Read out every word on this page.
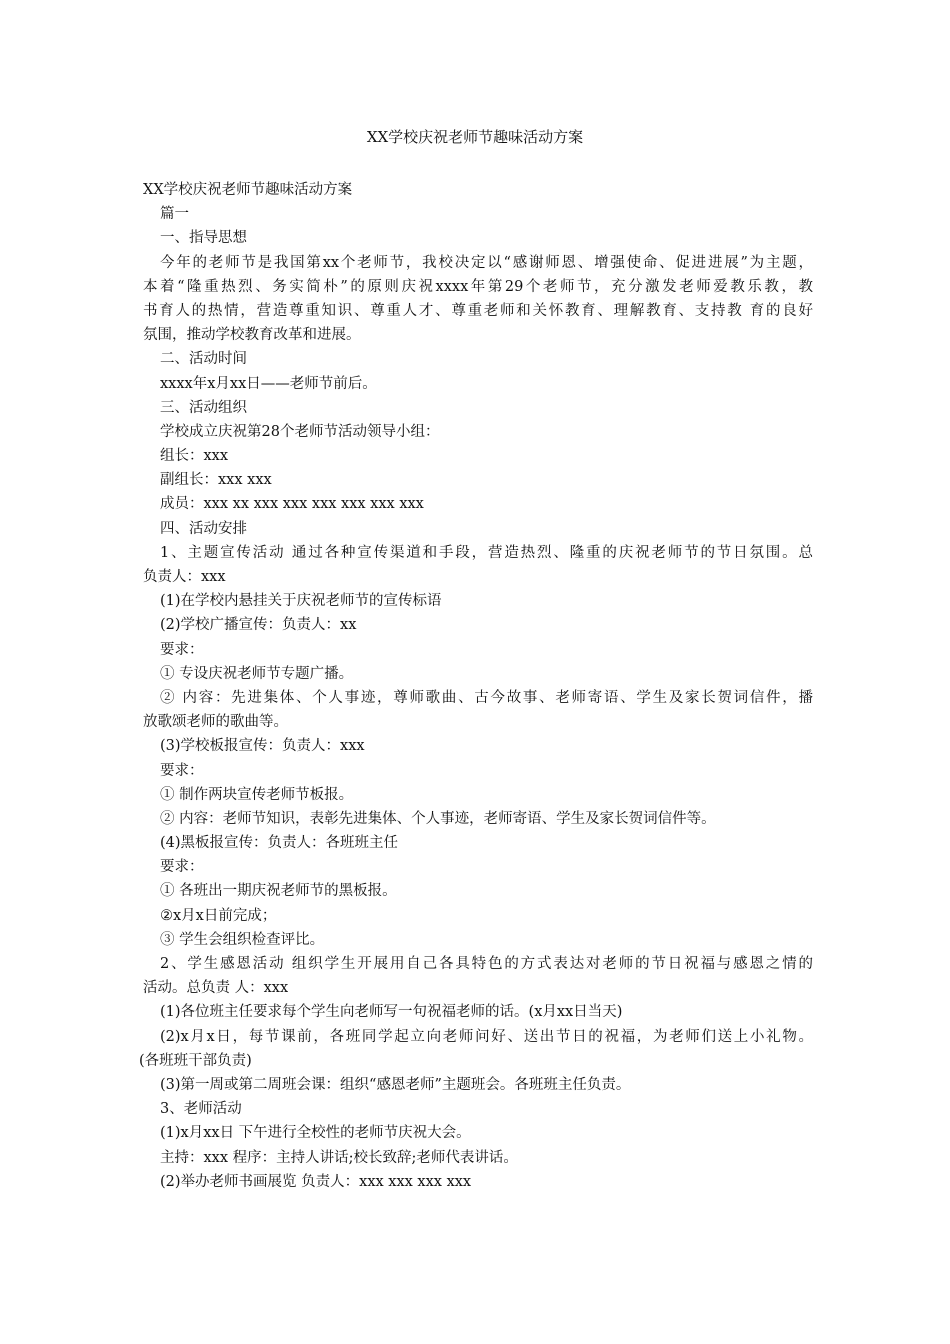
XX学校庆祝老师节趣味活动方案
XX学校庆祝老师节趣味活动方案
篇一
一、指导思想
今年的老师节是我国第xx个老师节，我校决定以“感谢师恩、增强使命、促进进展”为主题，
本着“隆重热烈、务实简朴”的原则庆祝xxxx年第29个老师节，充分激发老师爱教乐教，教
书育人的热情，营造尊重知识、尊重人才、尊重老师和关怀教育、理解教育、支持教 育的良好
氛围，推动学校教育改革和进展。
二、活动时间
xxxx年x月xx日——老师节前后。
三、活动组织
学校成立庆祝第28个老师节活动领导小组：
组长：xxx
副组长：xxx xxx
成员：xxx xx xxx xxx xxx xxx xxx xxx
四、活动安排
1、主题宣传活动 通过各种宣传渠道和手段，营造热烈、隆重的庆祝老师节的节日氛围。总
负责人：xxx
(1)在学校内悬挂关于庆祝老师节的宣传标语
(2)学校广播宣传：负责人：xx
要求：
① 专设庆祝老师节专题广播。
② 内容：先进集体、个人事迹，尊师歌曲、古今故事、老师寄语、学生及家长贺词信件，播
放歌颂老师的歌曲等。
(3)学校板报宣传：负责人：xxx
要求：
① 制作两块宣传老师节板报。
② 内容：老师节知识，表彰先进集体、个人事迹，老师寄语、学生及家长贺词信件等。
(4)黑板报宣传：负责人：各班班主任
要求：
① 各班出一期庆祝老师节的黑板报。
②x月x日前完成；
③ 学生会组织检查评比。
2、学生感恩活动 组织学生开展用自己各具特色的方式表达对老师的节日祝福与感恩之情的
活动。总负责 人：xxx
(1)各位班主任要求每个学生向老师写一句祝福老师的话。(x月xx日当天)
(2)x月x日，每节课前，各班同学起立向老师问好、送出节日的祝福，为老师们送上小礼物。
(各班班干部负责)
(3)第一周或第二周班会课：组织“感恩老师”主题班会。各班班主任负责。
3、老师活动
(1)x月xx日 下午进行全校性的老师节庆祝大会。
主持：xxx 程序：主持人讲话;校长致辞;老师代表讲话。
(2)举办老师书画展览 负责人：xxx xxx xxx xxx
